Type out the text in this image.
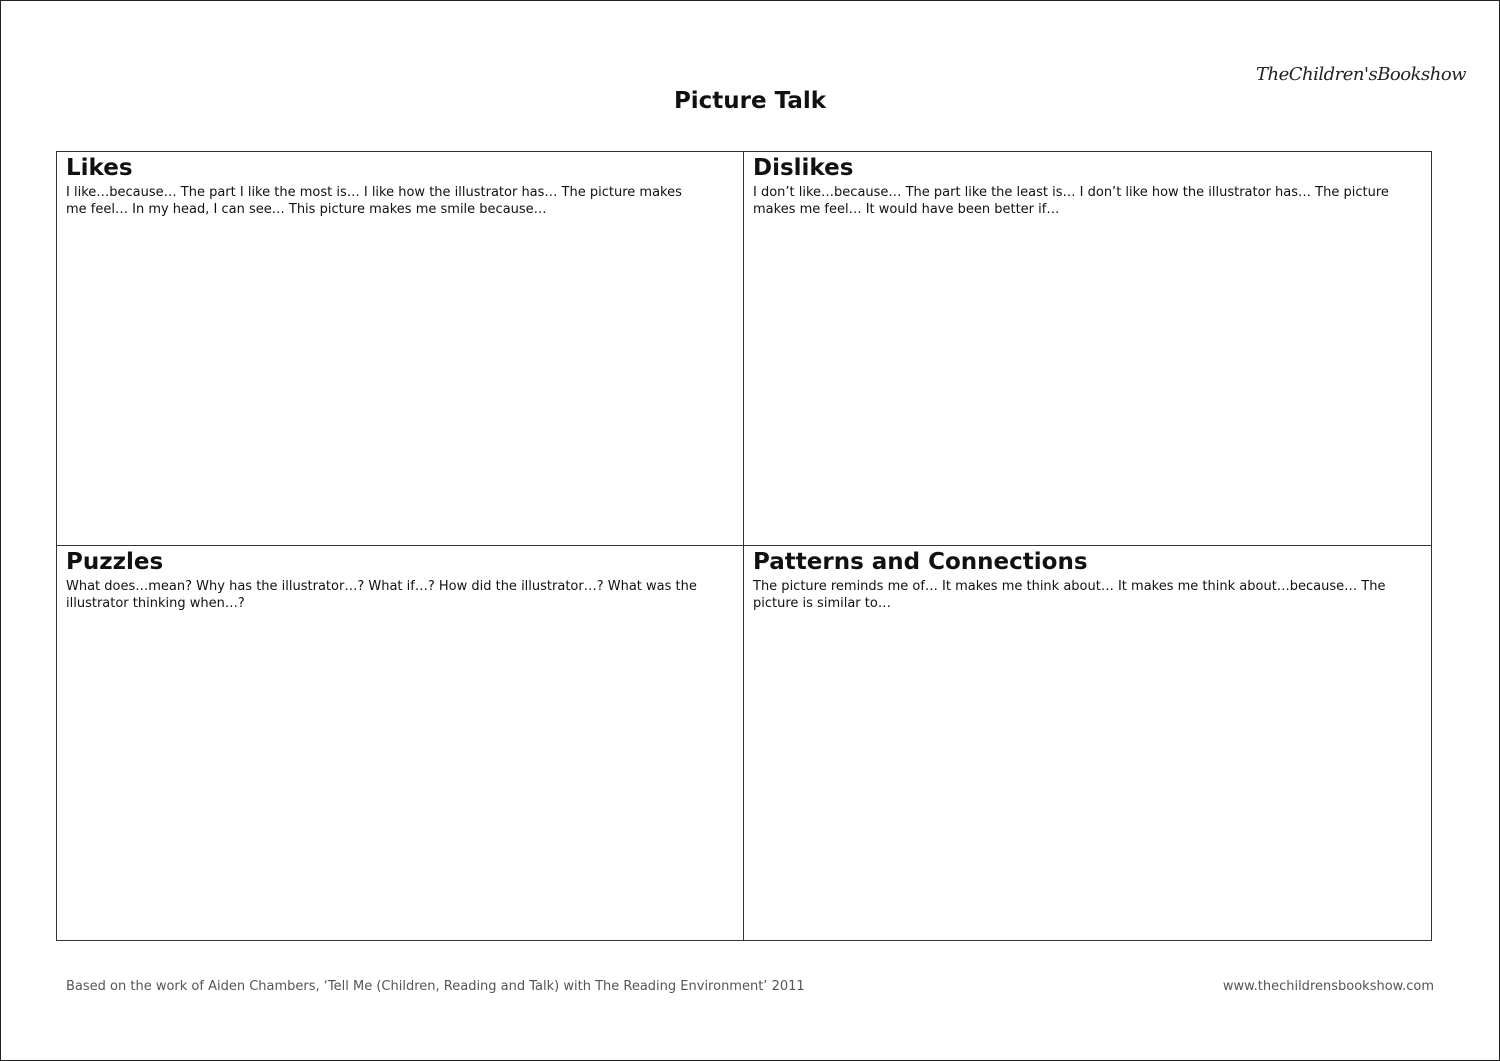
TheChildren'sBookshow
Picture Talk
Likes
I like…because… The part I like the most is… I like how the illustrator has… The picture makes me feel… In my head, I can see… This picture makes me smile because…
Dislikes
I don’t like…because… The part like the least is… I don’t like how the illustrator has… The picture makes me feel… It would have been better if…
Puzzles
What does…mean? Why has the illustrator…? What if…? How did the illustrator…? What was the illustrator thinking when…?
Patterns and Connections
The picture reminds me of… It makes me think about… It makes me think about…because… The picture is similar to…
Based on the work of Aiden Chambers, ‘Tell Me (Children, Reading and Talk) with The Reading Environment’ 2011	www.thechildrensbookshow.com
